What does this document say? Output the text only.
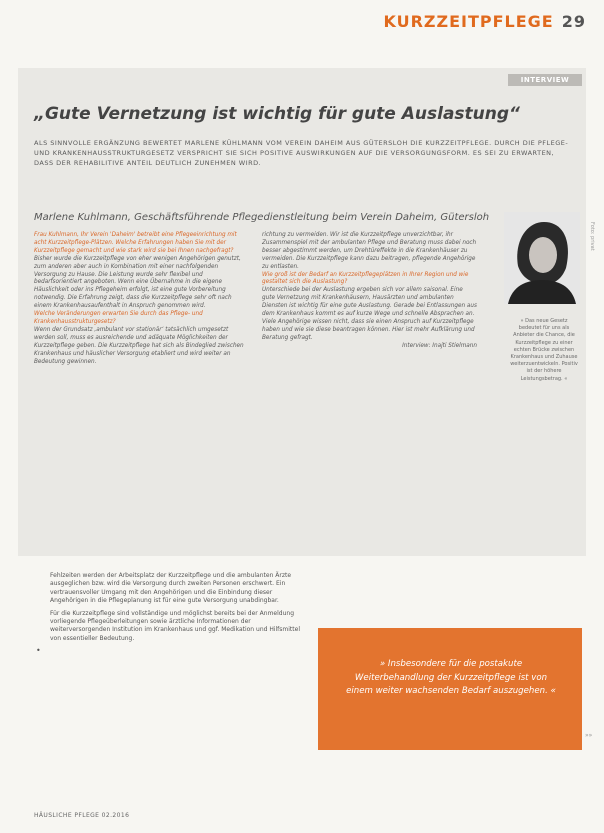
KURZZEITPFLEGE 29
INTERVIEW
„Gute Vernetzung ist wichtig für gute Auslastung“
ALS SINNVOLLE ERGÄNZUNG BEWERTET MARLENE KÜHLMANN VOM VEREIN DAHEIM AUS GÜTERSLOH DIE KURZZEITPFLEGE. DURCH DIE PFLEGE- UND KRANKENHAUSSTRUKTURGESETZ VERSPRICHT SIE SICH POSITIVE AUSWIRKUNGEN AUF DIE VERSORGUNGSFORM. ES SEI ZU ERWARTEN, DASS DER REHABILITIVE ANTEIL DEUTLICH ZUNEHMEN WIRD.
Marlene Kuhlmann, Geschäftsführende Pflegedienstleitung beim Verein Daheim, Gütersloh
Foto: privat

Frau Kuhlmann, Ihr Verein 'Daheim' betreibt eine Pflegeeinrichtung mit acht Kurzzeitpflege-Plätzen. Welche Erfahrungen haben Sie mit der Kurzzeitpflege gemacht und wie stark wird sie bei Ihnen nachgefragt?

Bisher wurde die Kurzzeitpflege von eher wenigen Angehörigen genutzt, zum anderen aber auch in Kombination mit einer nachfolgenden Versorgung zu Hause. Die Leistung wurde sehr flexibel und bedarfsorientiert angeboten. Wenn eine Übernahme in die eigene Häuslichkeit oder ins Pflegeheim erfolgt, ist eine gute Vorbereitung notwendig. Die Erfahrung zeigt, dass die Kurzzeitpflege sehr oft nach einem Krankenhausaufenthalt in Anspruch genommen wird.

Welche Veränderungen erwarten Sie durch das Pflege- und Krankenhausstrukturgesetz?

Wenn der Grundsatz ‚ambulant vor stationär‘ tatsächlich umgesetzt werden soll, muss es ausreichende und adäquate Möglichkeiten der Kurzzeitpflege geben. Die Kurzzeitpflege hat sich als Bindeglied zwischen Krankenhaus und häuslicher Versorgung etabliert und wird weiter an Bedeutung gewinnen.

richtung zu vermeiden. Wir ist die Kurzzeitpflege unverzichtbar, ihr Zusammenspiel mit der ambulanten Pflege und Beratung muss dabei noch besser abgestimmt werden, um Drehtüreffekte in die Krankenhäuser zu vermeiden. Die Kurzzeitpflege kann dazu beitragen, pflegende Angehörige zu entlasten.

Wie groß ist der Bedarf an Kurzzeitpflegeplätzen in Ihrer Region und wie gestaltet sich die Auslastung?

Unterschiede bei der Auslastung ergeben sich vor allem saisonal. Eine gute Vernetzung mit Krankenhäusern, Hausärzten und ambulanten Diensten ist wichtig für eine gute Auslastung. Gerade bei Entlassungen aus dem Krankenhaus kommt es auf kurze Wege und schnelle Absprachen an. Viele Angehörige wissen nicht, dass sie einen Anspruch auf Kurzzeitpflege haben und wie sie diese beantragen können. Hier ist mehr Aufklärung und Beratung gefragt.

Interview: Inajti Stielmann

» Das neue Gesetz bedeutet für uns als Anbieter die Chance, die Kurzzeitpflege zu einer echten Brücke zwischen Krankenhaus und Zuhause weiterzuentwickeln. Positiv ist der höhere Leistungsbetrag. «

Fehlzeiten werden der Arbeitsplatz der Kurzzeitpflege und die ambulanten Ärzte ausgeglichen bzw. wird die Versorgung durch zweiten Personen erschwert. Ein vertrauensvoller Umgang mit den Angehörigen und die Einbindung dieser Angehörigen in die Pflegeplanung ist für eine gute Versorgung unabdingbar.

Für die Kurzzeitpflege sind vollständige und möglichst bereits bei der Anmeldung vorliegende Pflegeüberleitungen sowie ärztliche Informationen der weiterversorgenden Institution im Krankenhaus und ggf. Medikation und Hilfsmittel von essentieller Bedeutung.

•
» Insbesondere für die postakute Weiterbehandlung der Kurzzeitpflege ist von einem weiter wachsenden Bedarf auszugehen. «
»»
HÄUSLICHE PFLEGE 02.2016
